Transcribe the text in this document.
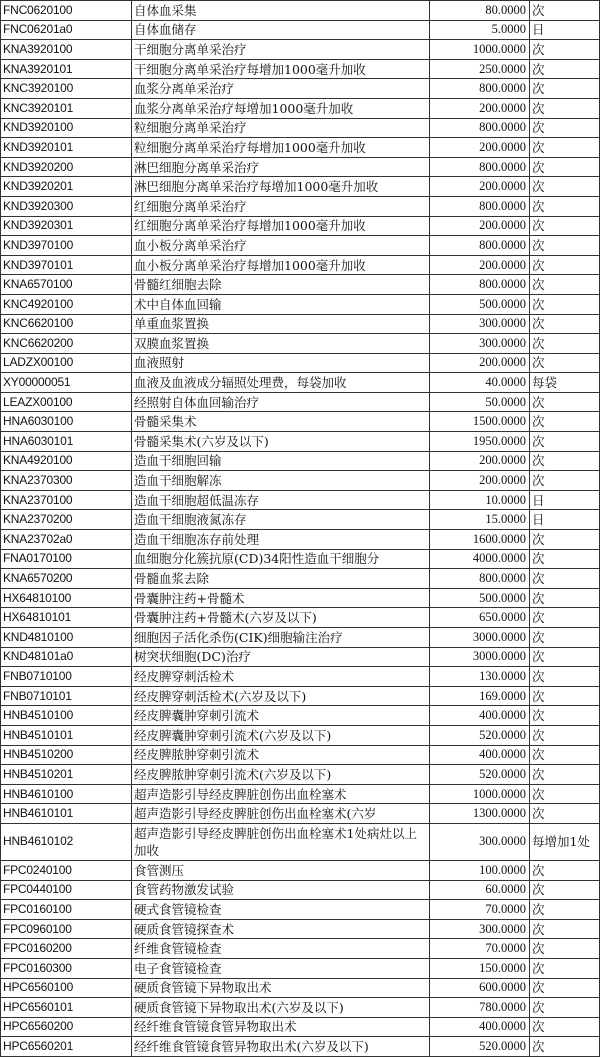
FNC0620100	自体血采集	80.0000	次
FNC06201a0	自体血储存	5.0000	日
KNA3920100	干细胞分离单采治疗	1000.0000	次
KNA3920101	干细胞分离单采治疗每增加1000毫升加收	250.0000	次
KNC3920100	血浆分离单采治疗	800.0000	次
KNC3920101	血浆分离单采治疗每增加1000毫升加收	200.0000	次
KND3920100	粒细胞分离单采治疗	800.0000	次
KND3920101	粒细胞分离单采治疗每增加1000毫升加收	200.0000	次
KND3920200	淋巴细胞分离单采治疗	800.0000	次
KND3920201	淋巴细胞分离单采治疗每增加1000毫升加收	200.0000	次
KND3920300	红细胞分离单采治疗	800.0000	次
KND3920301	红细胞分离单采治疗每增加1000毫升加收	200.0000	次
KND3970100	血小板分离单采治疗	800.0000	次
KND3970101	血小板分离单采治疗每增加1000毫升加收	200.0000	次
KNA6570100	骨髓红细胞去除	800.0000	次
KNC4920100	术中自体血回输	500.0000	次
KNC6620100	单重血浆置换	300.0000	次
KNC6620200	双膜血浆置换	300.0000	次
LADZX00100	血液照射	200.0000	次
XY00000051	血液及血液成分辐照处理费，每袋加收	40.0000	每袋
LEAZX00100	经照射自体血回输治疗	50.0000	次
HNA6030100	骨髓采集术	1500.0000	次
HNA6030101	骨髓采集术(六岁及以下)	1950.0000	次
KNA4920100	造血干细胞回输	200.0000	次
KNA2370300	造血干细胞解冻	200.0000	次
KNA2370100	造血干细胞超低温冻存	10.0000	日
KNA2370200	造血干细胞液氮冻存	15.0000	日
KNA23702a0	造血干细胞冻存前处理	1600.0000	次
FNA0170100	血细胞分化簇抗原(CD)34阳性造血干细胞分	4000.0000	次
KNA6570200	骨髓血浆去除	800.0000	次
HX64810100	骨囊肿注药+骨髓术	500.0000	次
HX64810101	骨囊肿注药+骨髓术(六岁及以下)	650.0000	次
KND4810100	细胞因子活化杀伤(CIK)细胞输注治疗	3000.0000	次
KND48101a0	树突状细胞(DC)治疗	3000.0000	次
FNB0710100	经皮脾穿刺活检术	130.0000	次
FNB0710101	经皮脾穿刺活检术(六岁及以下)	169.0000	次
HNB4510100	经皮脾囊肿穿刺引流术	400.0000	次
HNB4510101	经皮脾囊肿穿刺引流术(六岁及以下)	520.0000	次
HNB4510200	经皮脾脓肿穿刺引流术	400.0000	次
HNB4510201	经皮脾脓肿穿刺引流术(六岁及以下)	520.0000	次
HNB4610100	超声造影引导经皮脾脏创伤出血栓塞术	1000.0000	次
HNB4610101	超声造影引导经皮脾脏创伤出血栓塞术(六岁	1300.0000	次
HNB4610102	超声造影引导经皮脾脏创伤出血栓塞术1处病灶以上加收	300.0000	每增加1处
FPC0240100	食管测压	100.0000	次
FPC0440100	食管药物激发试验	60.0000	次
FPC0160100	硬式食管镜检查	70.0000	次
FPC0960100	硬质食管镜探查术	300.0000	次
FPC0160200	纤维食管镜检查	70.0000	次
FPC0160300	电子食管镜检查	150.0000	次
HPC6560100	硬质食管镜下异物取出术	600.0000	次
HPC6560101	硬质食管镜下异物取出术(六岁及以下)	780.0000	次
HPC6560200	经纤维食管镜食管异物取出术	400.0000	次
HPC6560201	经纤维食管镜食管异物取出术(六岁及以下)	520.0000	次
